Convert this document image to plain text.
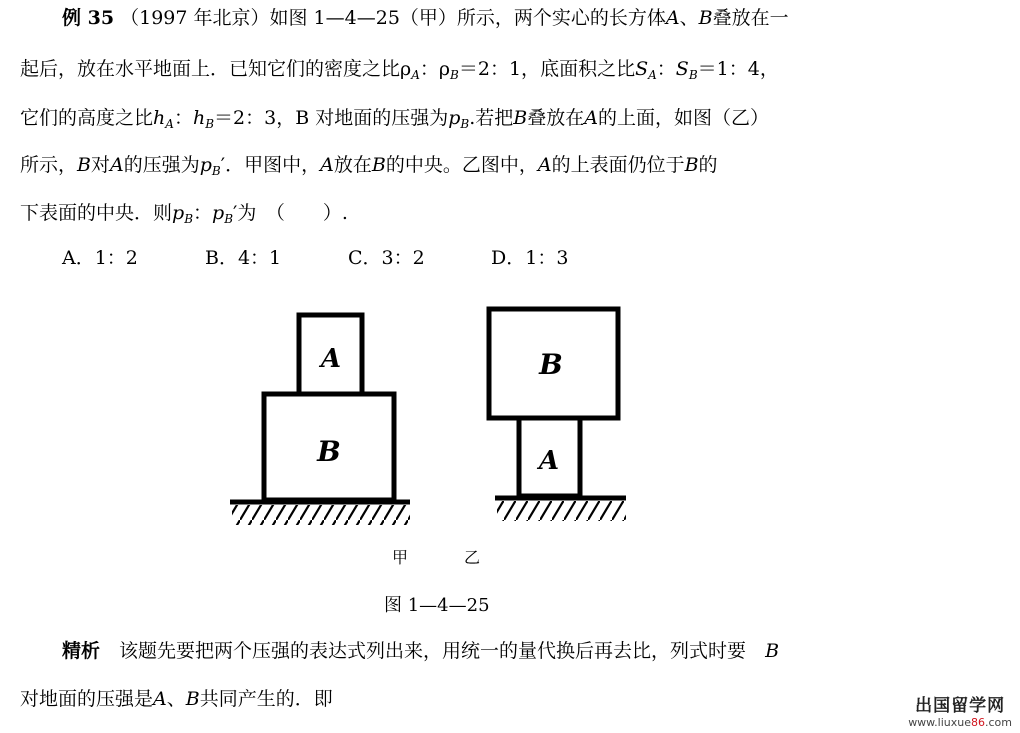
例 35 （1997 年北京）如图 1—4—25（甲）所示，两个实心的长方体A、B叠放在一
起后，放在水平地面上．已知它们的密度之比$\rho_A$：$\rho_B=2$：1，底面积之比$S_A$：$S_B=1$：4，
它们的高度之比$h_A$：$h_B=2$：3，B 对地面的压强为$p_B$.若把B叠放在A的上面，如图（乙）
所示，B对A的压强为$p_B'$．甲图中，A放在B的中央。乙图中，A的上表面仍位于B的
下表面的中央．则$p_B$：$p_B'$为　（　　）.
A．1：2	B．4：1	C．3：2	D．1：3
A
B
B
A
甲	乙
图 1—4—25
精析　 该题先要把两个压强的表达式列出来，用统一的量代换后再去比，列式时要　 B
对地面的压强是A、B共同产生的．即	出国留学网
www.liuxue86.com
